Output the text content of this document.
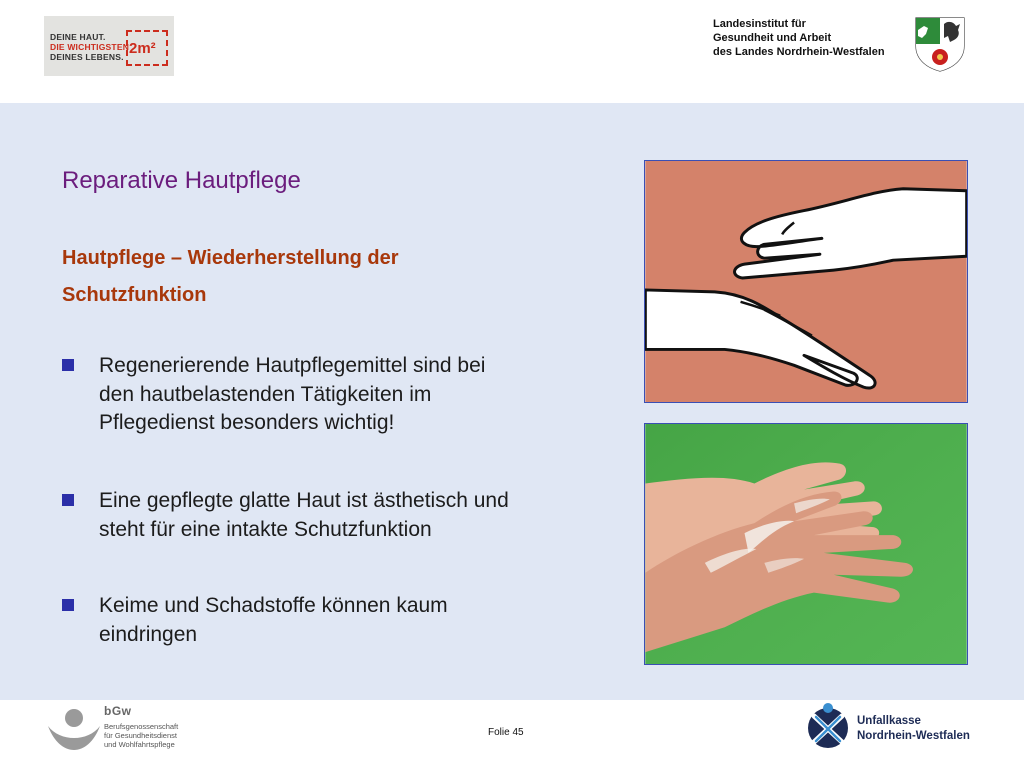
DEINE HAUT.
DIE WICHTIGSTEN
DEINES LEBENS. 2m²
Landesinstitut für
Gesundheit und Arbeit
des Landes Nordrhein-Westfalen
Reparative Hautpflege
Hautpflege – Wiederherstellung der
Schutzfunktion
Regenerierende Hautpflegemittel sind bei
den hautbelastenden Tätigkeiten im
Pflegedienst besonders wichtig!
Eine gepflegte glatte Haut ist ästhetisch und
steht für eine intakte Schutzfunktion
Keime und Schadstoffe können kaum
eindringen
bGw
Berufsgenossenschaft
für Gesundheitsdienst
und Wohlfahrtspflege
Folie 45
Unfallkasse
Nordrhein-Westfalen
